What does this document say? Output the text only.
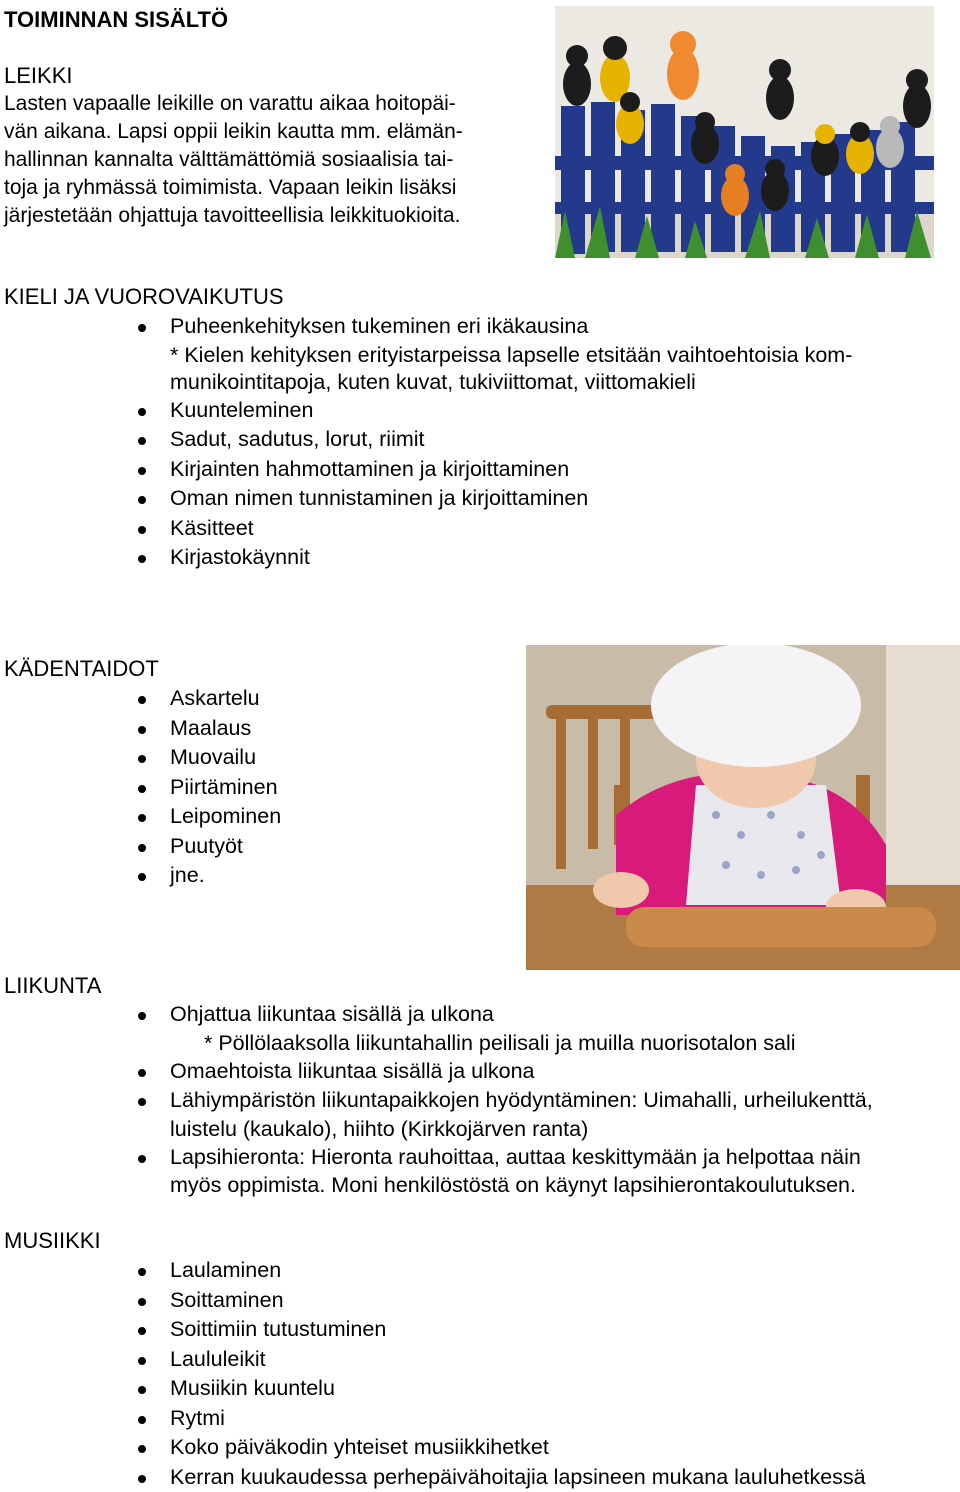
TOIMINNAN SISÄLTÖ
LEIKKI
Lasten vapaalle leikille on varattu aikaa hoitopäi-
vän aikana. Lapsi oppii leikin kautta mm. elämän-
hallinnan kannalta välttämättömiä sosiaalisia tai-
toja ja ryhmässä toimimista. Vapaan leikin lisäksi
järjestetään ohjattuja tavoitteellisia leikkituokioita.
KIELI JA VUOROVAIKUTUS
Puheenkehityksen tukeminen eri ikäkausina
* Kielen kehityksen erityistarpeissa lapselle etsitään vaihtoehtoisia kom-
munikointitapoja, kuten kuvat, tukiviittomat, viittomakieli
Kuunteleminen
Sadut, sadutus, lorut, riimit
Kirjainten hahmottaminen ja kirjoittaminen
Oman nimen tunnistaminen ja kirjoittaminen
Käsitteet
Kirjastokäynnit
KÄDENTAIDOT
Askartelu
Maalaus
Muovailu
Piirtäminen
Leipominen
Puutyöt
jne.
LIIKUNTA
Ohjattua liikuntaa sisällä ja ulkona
* Pöllölaaksolla liikuntahallin peilisali ja muilla nuorisotalon sali
Omaehtoista liikuntaa sisällä ja ulkona
Lähiympäristön liikuntapaikkojen hyödyntäminen: Uimahalli, urheilukenttä,
luistelu (kaukalo), hiihto (Kirkkojärven ranta)
Lapsihieronta: Hieronta rauhoittaa, auttaa keskittymään ja helpottaa näin
myös oppimista. Moni henkilöstöstä on käynyt lapsihierontakoulutuksen.
MUSIIKKI
Laulaminen
Soittaminen
Soittimiin tutustuminen
Laululeikit
Musiikin kuuntelu
Rytmi
Koko päiväkodin yhteiset musiikkihetket
Kerran kuukaudessa perhepäivähoitajia lapsineen mukana lauluhetkessä
